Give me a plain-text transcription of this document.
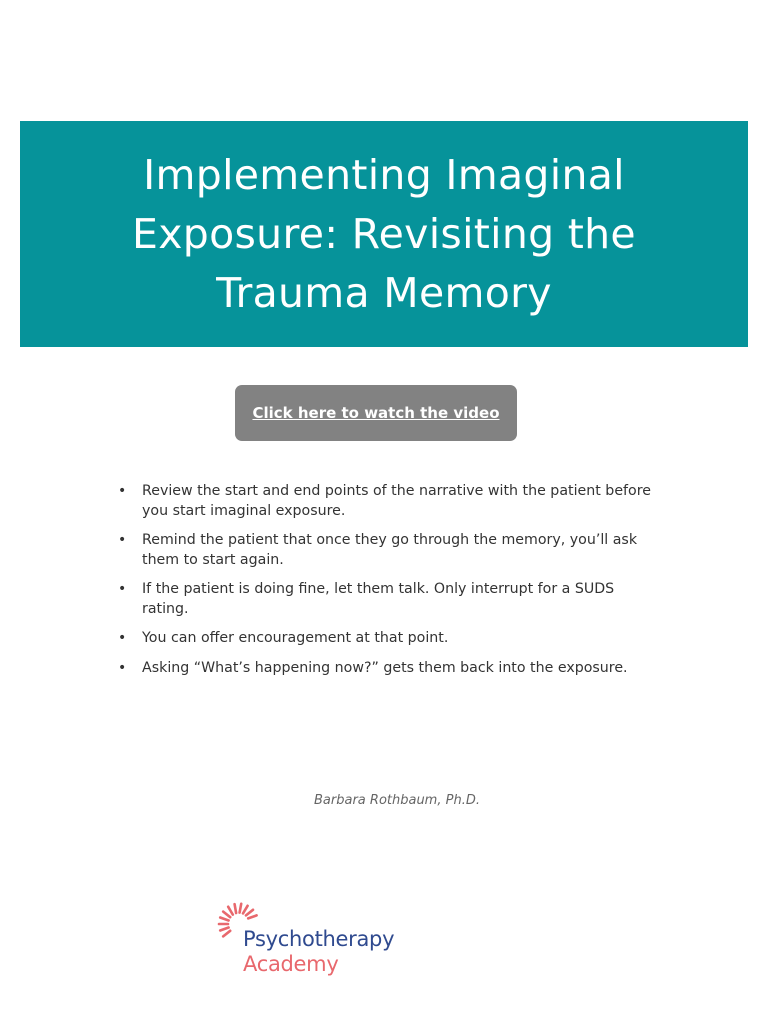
Implementing Imaginal Exposure: Revisiting the Trauma Memory
Click here to watch the video
• Review the start and end points of the narrative with the patient before you start imaginal exposure.
• Remind the patient that once they go through the memory, you’ll ask them to start again.
• If the patient is doing fine, let them talk. Only interrupt for a SUDS rating.
• You can offer encouragement at that point.
• Asking “What’s happening now?” gets them back into the exposure.
Barbara Rothbaum, Ph.D.
Psychotherapy
Academy
